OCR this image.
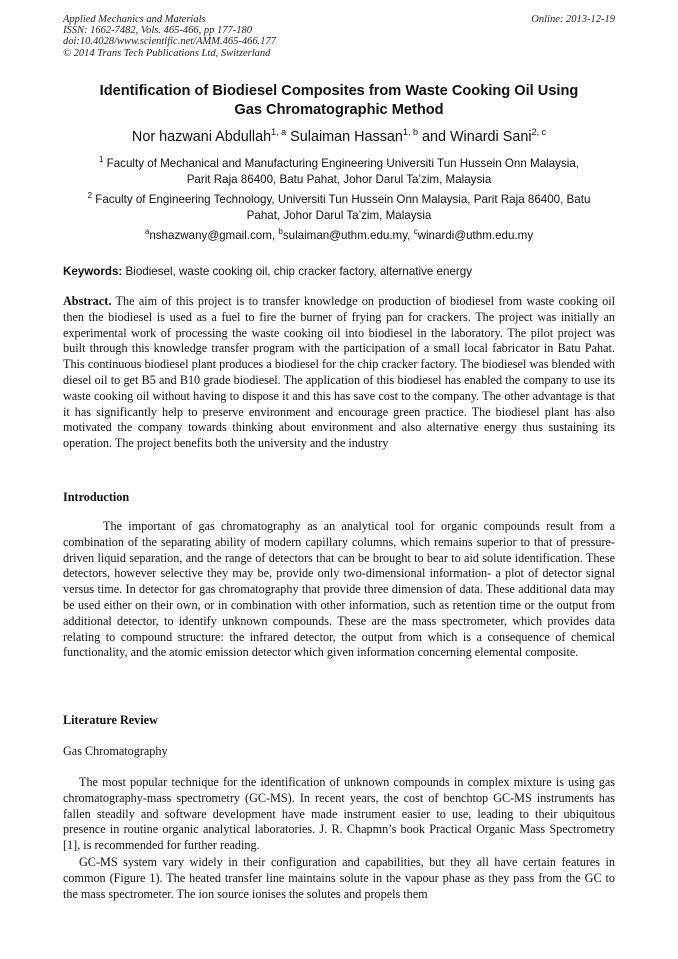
Applied Mechanics and Materials
ISSN: 1662-7482, Vols. 465-466, pp 177-180
doi:10.4028/www.scientific.net/AMM.465-466.177
© 2014 Trans Tech Publications Ltd, Switzerland
Online: 2013-12-19
Identification of Biodiesel Composites from Waste Cooking Oil Using
Gas Chromatographic Method
Nor hazwani Abdullah$^{1, a}$ Sulaiman Hassan$^{1, b}$ and Winardi Sani$^{2, c}$
$^1$ Faculty of Mechanical and Manufacturing Engineering Universiti Tun Hussein Onn Malaysia,
Parit Raja 86400, Batu Pahat, Johor Darul Ta’zim, Malaysia
$^2$ Faculty of Engineering Technology, Universiti Tun Hussein Onn Malaysia, Parit Raja 86400, Batu
Pahat, Johor Darul Ta’zim, Malaysia
$^a$nshazwany@gmail.com, $^b$sulaiman@uthm.edu.my, $^c$winardi@uthm.edu.my
Keywords: Biodiesel, waste cooking oil, chip cracker factory, alternative energy
Abstract. The aim of this project is to transfer knowledge on production of biodiesel from waste cooking oil then the biodiesel is used as a fuel to fire the burner of frying pan for crackers. The project was initially an experimental work of processing the waste cooking oil into biodiesel in the laboratory. The pilot project was built through this knowledge transfer program with the participation of a small local fabricator in Batu Pahat. This continuous biodiesel plant produces a biodiesel for the chip cracker factory. The biodiesel was blended with diesel oil to get B5 and B10 grade biodiesel. The application of this biodiesel has enabled the company to use its waste cooking oil without having to dispose it and this has save cost to the company. The other advantage is that it has significantly help to preserve environment and encourage green practice. The biodiesel plant has also motivated the company towards thinking about environment and also alternative energy thus sustaining its operation. The project benefits both the university and the industry
Introduction
The important of gas chromatography as an analytical tool for organic compounds result from a combination of the separating ability of modern capillary columns, which remains superior to that of pressure- driven liquid separation, and the range of detectors that can be brought to bear to aid solute identification. These detectors, however selective they may be, provide only two-dimensional information- a plot of detector signal versus time. In detector for gas chromatography that provide three dimension of data. These additional data may be used either on their own, or in combination with other information, such as retention time or the output from additional detector, to identify unknown compounds. These are the mass spectrometer, which provides data relating to compound structure: the infrared detector, the output from which is a consequence of chemical functionality, and the atomic emission detector which given information concerning elemental composite.
Literature Review
Gas Chromatography
The most popular technique for the identification of unknown compounds in complex mixture is using gas chromatography-mass spectrometry (GC-MS). In recent years, the cost of benchtop GC-MS instruments has fallen steadily and software development have made instrument easier to use, leading to their ubiquitous presence in routine organic analytical laboratories. J. R. Chapmn’s book Practical Organic Mass Spectrometry [1], is recommended for further reading.
GC-MS system vary widely in their configuration and capabilities, but they all have certain features in common (Figure 1). The heated transfer line maintains solute in the vapour phase as they pass from the GC to the mass spectrometer. The ion source ionises the solutes and propels them
